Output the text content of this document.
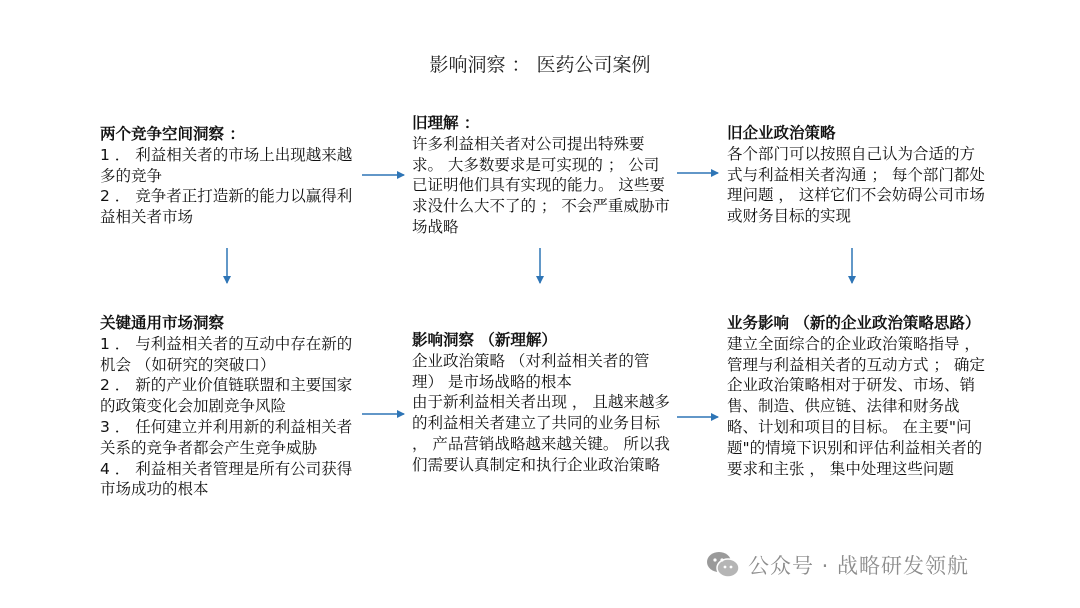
影响洞察 ： 医药公司案例

两个竞争空间洞察 ：

1 ． 利益相关者的市场上出现越来越多的竞争

2 ． 竞争者正打造新的能力以赢得利益相关者市场

旧理解 ：

许多利益相关者对公司提出特殊要求。 大多数要求是可实现的 ； 公司已证明他们具有实现的能力。 这些要求没什么大不了的 ； 不会严重威胁市场战略

旧企业政治策略

各个部门可以按照自己认为合适的方式与利益相关者沟通 ； 每个部门都处理问题 ， 这样它们不会妨碍公司市场或财务目标的实现

关键通用市场洞察

1 ． 与利益相关者的互动中存在新的机会 （如研究的突破口）

2 ． 新的产业价值链联盟和主要国家的政策变化会加剧竞争风险

3 ． 任何建立并利用新的利益相关者关系的竞争者都会产生竞争威胁

4 ． 利益相关者管理是所有公司获得市场成功的根本

影响洞察 （新理解）

企业政治策略 （对利益相关者的管理） 是市场战略的根本

由于新利益相关者出现 ， 且越来越多的利益相关者建立了共同的业务目标 ， 产品营销战略越来越关键。 所以我们需要认真制定和执行企业政治策略

业务影响 （新的企业政治策略思路）

建立全面综合的企业政治策略指导 ， 管理与利益相关者的互动方式 ； 确定企业政治策略相对于研发、市场、销售、制造、供应链、法律和财务战略、计划和项目的目标。 在主要"问题"的情境下识别和评估利益相关者的要求和主张 ， 集中处理这些问题

公众号 · 战略研发领航
